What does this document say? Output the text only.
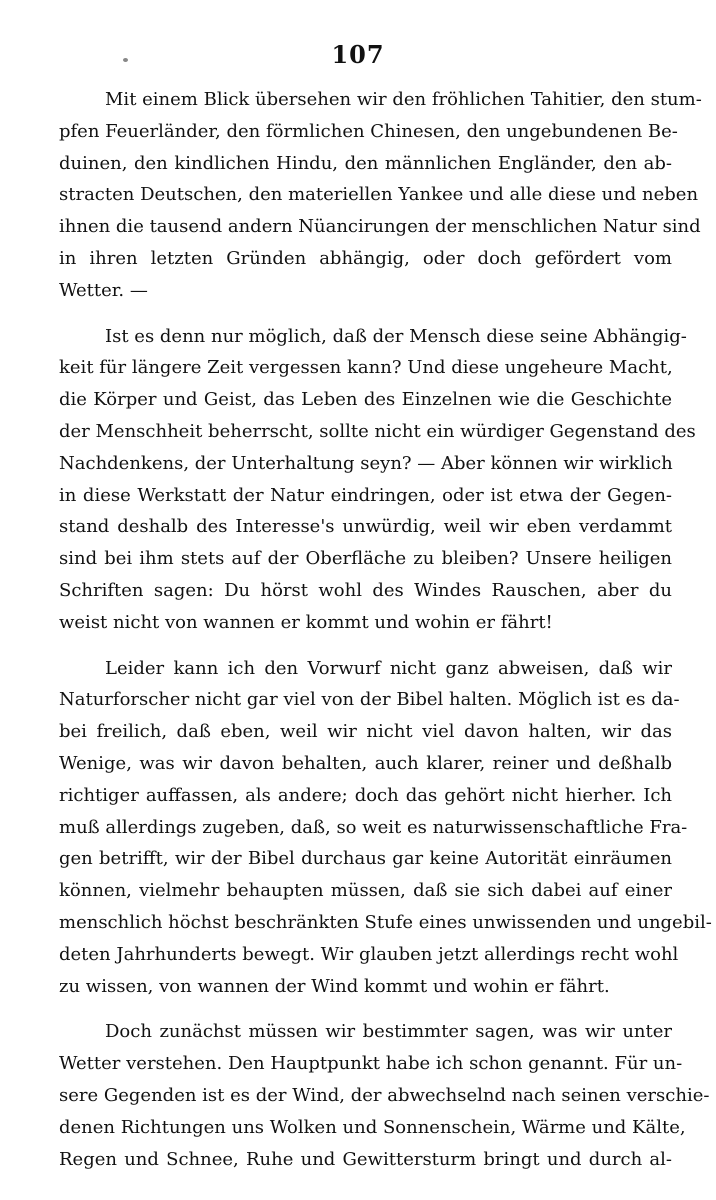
107
Mit einem Blick übersehen wir den fröhlichen Tahitier, den stum-
pfen Feuerländer, den förmlichen Chinesen, den ungebundenen Be-
duinen, den kindlichen Hindu, den männlichen Engländer, den ab-
stracten Deutschen, den materiellen Yankee und alle diese und neben
ihnen die tausend andern Nüancirungen der menschlichen Natur sind
in ihren letzten Gründen abhängig, oder doch gefördert vom
Wetter. —
Ist es denn nur möglich, daß der Mensch diese seine Abhängig-
keit für längere Zeit vergessen kann? Und diese ungeheure Macht,
die Körper und Geist, das Leben des Einzelnen wie die Geschichte
der Menschheit beherrscht, sollte nicht ein würdiger Gegenstand des
Nachdenkens, der Unterhaltung seyn? — Aber können wir wirklich
in diese Werkstatt der Natur eindringen, oder ist etwa der Gegen-
stand deshalb des Interesse's unwürdig, weil wir eben verdammt
sind bei ihm stets auf der Oberfläche zu bleiben? Unsere heiligen
Schriften sagen: Du hörst wohl des Windes Rauschen, aber du
weist nicht von wannen er kommt und wohin er fährt!
Leider kann ich den Vorwurf nicht ganz abweisen, daß wir
Naturforscher nicht gar viel von der Bibel halten. Möglich ist es da-
bei freilich, daß eben, weil wir nicht viel davon halten, wir das
Wenige, was wir davon behalten, auch klarer, reiner und deßhalb
richtiger auffassen, als andere; doch das gehört nicht hierher. Ich
muß allerdings zugeben, daß, so weit es naturwissenschaftliche Fra-
gen betrifft, wir der Bibel durchaus gar keine Autorität einräumen
können, vielmehr behaupten müssen, daß sie sich dabei auf einer
menschlich höchst beschränkten Stufe eines unwissenden und ungebil-
deten Jahrhunderts bewegt. Wir glauben jetzt allerdings recht wohl
zu wissen, von wannen der Wind kommt und wohin er fährt.
Doch zunächst müssen wir bestimmter sagen, was wir unter
Wetter verstehen. Den Hauptpunkt habe ich schon genannt. Für un-
sere Gegenden ist es der Wind, der abwechselnd nach seinen verschie-
denen Richtungen uns Wolken und Sonnenschein, Wärme und Kälte,
Regen und Schnee, Ruhe und Gewittersturm bringt und durch al-
